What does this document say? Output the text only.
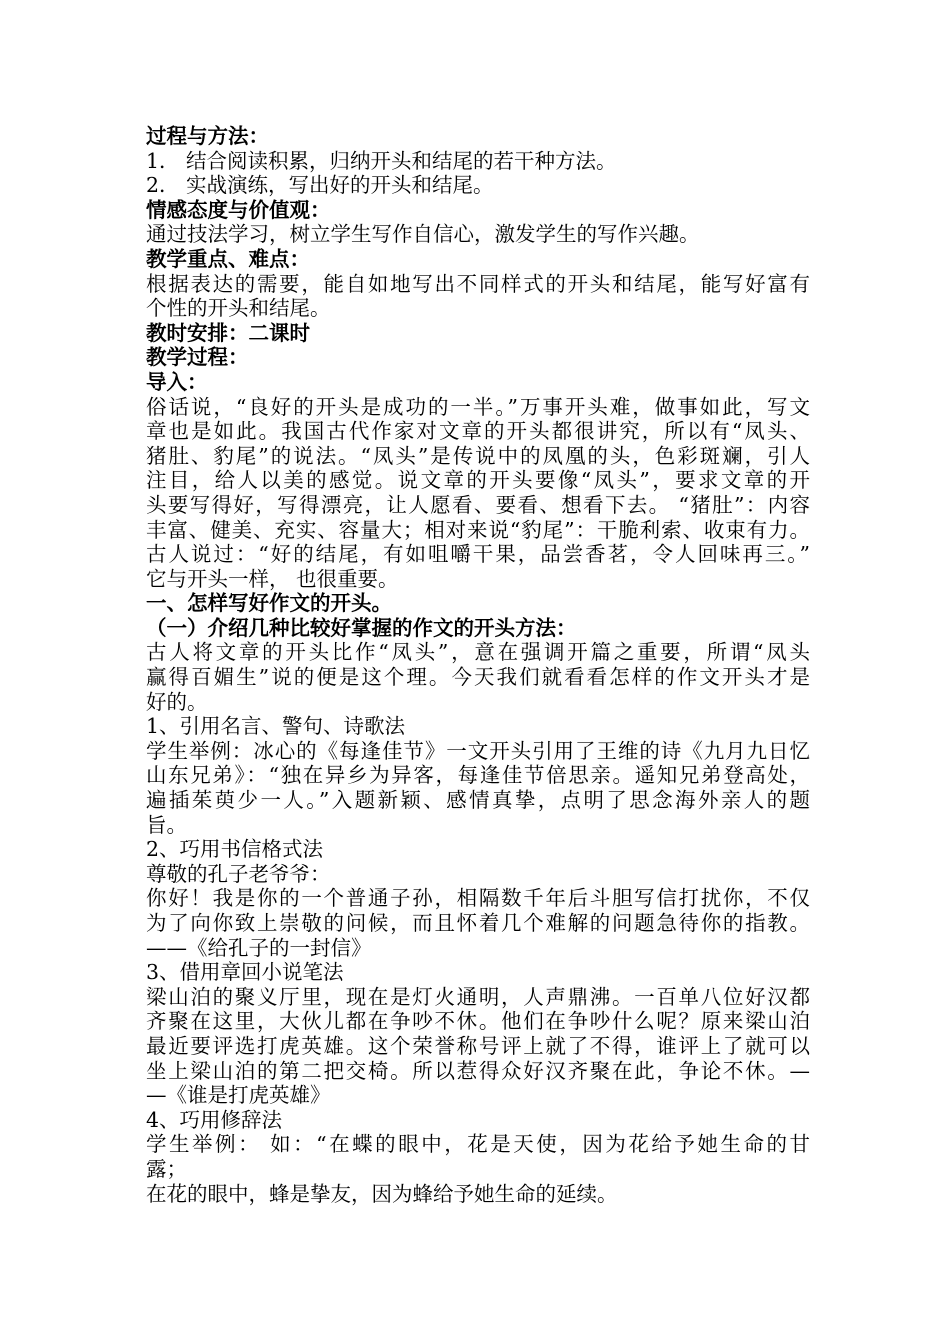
过程与方法：
1． 结合阅读积累，归纳开头和结尾的若干种方法。
2． 实战演练，写出好的开头和结尾。
情感态度与价值观：
通过技法学习，树立学生写作自信心，激发学生的写作兴趣。
教学重点、难点：
根据表达的需要，能自如地写出不同样式的开头和结尾，能写好富有
个性的开头和结尾。
教时安排：二课时
教学过程：
导入：
俗话说，“良好的开头是成功的一半。”万事开头难，做事如此，写文
章也是如此。我国古代作家对文章的开头都很讲究，所以有“凤头、
猪肚、豹尾”的说法。“凤头”是传说中的凤凰的头，色彩斑斓，引人
注目，给人以美的感觉。说文章的开头要像“凤头”，要求文章的开
头要写得好，写得漂亮，让人愿看、要看、想看下去。 “猪肚”：内容
丰富、健美、充实、容量大；相对来说“豹尾”：干脆利索、收束有力。
古人说过：“好的结尾，有如咀嚼干果，品尝香茗，令人回味再三。”
它与开头一样， 也很重要。
一、怎样写好作文的开头。
（一）介绍几种比较好掌握的作文的开头方法：
古人将文章的开头比作“凤头”，意在强调开篇之重要，所谓“凤头
赢得百媚生”说的便是这个理。今天我们就看看怎样的作文开头才是
好的。
1、引用名言、警句、诗歌法
学生举例：冰心的《每逢佳节》一文开头引用了王维的诗《九月九日忆
山东兄弟》：“独在异乡为异客，每逢佳节倍思亲。遥知兄弟登高处，
遍插茱萸少一人。”入题新颖、感情真挚，点明了思念海外亲人的题
旨。
2、巧用书信格式法
尊敬的孔子老爷爷：
你好！我是你的一个普通子孙，相隔数千年后斗胆写信打扰你，不仅
为了向你致上崇敬的问候，而且怀着几个难解的问题急待你的指教。
——《给孔子的一封信》
3、借用章回小说笔法
梁山泊的聚义厅里，现在是灯火通明，人声鼎沸。一百单八位好汉都
齐聚在这里，大伙儿都在争吵不休。他们在争吵什么呢？原来梁山泊
最近要评选打虎英雄。这个荣誉称号评上就了不得，谁评上了就可以
坐上梁山泊的第二把交椅。所以惹得众好汉齐聚在此，争论不休。—
—《谁是打虎英雄》
4、巧用修辞法
学生举例： 如：“在蝶的眼中，花是天使，因为花给予她生命的甘
露；
在花的眼中，蜂是挚友，因为蜂给予她生命的延续。
